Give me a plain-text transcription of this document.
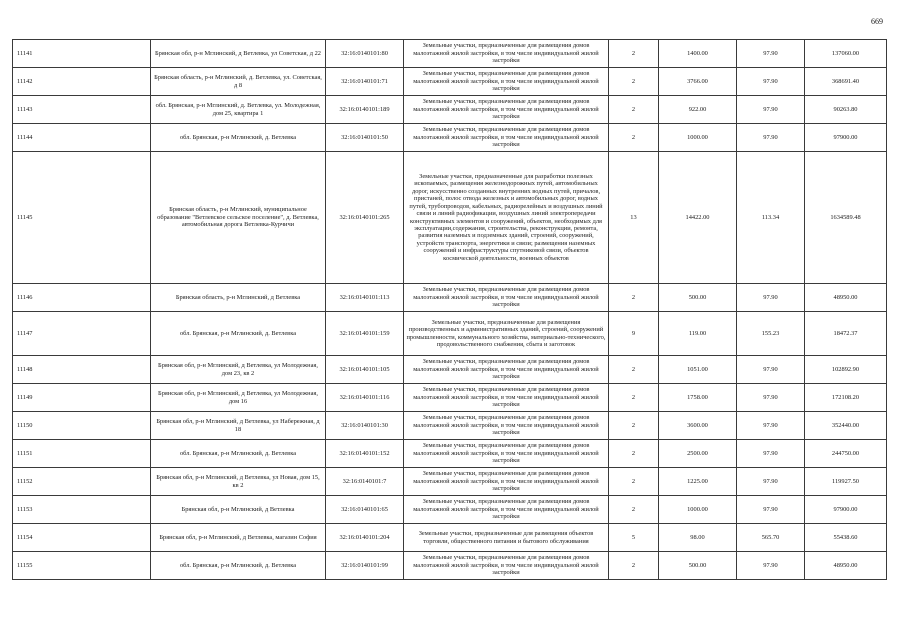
669
11141	Брянская обл, р-н Мглинский, д Ветлевка, ул Советская, д 22	32:16:0140101:80	Земельные участки, предназначенные для размещения домов малоэтажной жилой застройки, в том числе индивидуальной жилой застройки	2	1400.00	97.90	137060.00
11142	Брянская область, р-н Мглинский, д. Ветлевка, ул. Советская, д 8	32:16:0140101:71	Земельные участки, предназначенные для размещения домов малоэтажной жилой застройки, в том числе индивидуальной жилой застройки	2	3766.00	97.90	368691.40
11143	обл. Брянская, р-н Мглинский, д. Ветлевка, ул. Молодежная, дом 25, квартира 1	32:16:0140101:189	Земельные участки, предназначенные для размещения домов малоэтажной жилой застройки, в том числе индивидуальной жилой застройки	2	922.00	97.90	90263.80
11144	обл. Брянская, р-н Мглинский, д. Ветлевка	32:16:0140101:50	Земельные участки, предназначенные для размещения домов малоэтажной жилой застройки, в том числе индивидуальной жилой застройки	2	1000.00	97.90	97900.00
11145	Брянская область, р-н Мглинский, муниципальное образование "Ветлевское сельское поселение", д. Ветлевка, автомобильная дорога Ветлевка-Курчичи	32:16:0140101:265	Земельные участки, предназначенные для разработки полезных ископаемых, размещения железнодорожных путей, автомобильных дорог, искусственно созданных внутренних водных путей, причалов, пристаней, полос отвода железных и автомобильных дорог, водных путей, трубопроводов, кабельных, радиорелейных и воздушных линий связи и линий радиофикации, воздушных линий электропередачи конструктивных элементов и сооружений, объектов, необходимых для эксплуатации,содержания, строительства, реконструкции, ремонта, развития наземных и подземных зданий, строений, сооружений, устройств транспорта, энергетики и связи; размещения наземных сооружений и инфраструктуры спутниковой связи, объектов космической деятельности, военных объектов	13	14422.00	113.34	1634589.48
11146	Брянская область, р-н Мглинский, д Ветлевка	32:16:0140101:113	Земельные участки, предназначенные для размещения домов малоэтажной жилой застройки, в том числе индивидуальной жилой застройки	2	500.00	97.90	48950.00
11147	обл. Брянская, р-н Мглинский, д. Ветлевка	32:16:0140101:159	Земельные участки, предназначенные для размещения производственных и административных зданий, строений, сооружений промышленности, коммунального хозяйства, материально-технического, продовольственного снабжения, сбыта и заготовок	9	119.00	155.23	18472.37
11148	Брянская обл, р-н Мглинский, д Ветлевка, ул Молодежная, дом 23, кв 2	32:16:0140101:105	Земельные участки, предназначенные для размещения домов малоэтажной жилой застройки, в том числе индивидуальной жилой застройки	2	1051.00	97.90	102892.90
11149	Брянская обл, р-н Мглинский, д Ветлевка, ул Молодежная, дом 16	32:16:0140101:116	Земельные участки, предназначенные для размещения домов малоэтажной жилой застройки, в том числе индивидуальной жилой застройки	2	1758.00	97.90	172108.20
11150	Брянская обл, р-н Мглинский, д Ветлевка, ул Набережная, д 18	32:16:0140101:30	Земельные участки, предназначенные для размещения домов малоэтажной жилой застройки, в том числе индивидуальной жилой застройки	2	3600.00	97.90	352440.00
11151	обл. Брянская, р-н Мглинский, д. Ветлевка	32:16:0140101:152	Земельные участки, предназначенные для размещения домов малоэтажной жилой застройки, в том числе индивидуальной жилой застройки	2	2500.00	97.90	244750.00
11152	Брянская обл, р-н Мглинский, д Ветлевка, ул Новая, дом 15, кв 2	32:16:0140101:7	Земельные участки, предназначенные для размещения домов малоэтажной жилой застройки, в том числе индивидуальной жилой застройки	2	1225.00	97.90	119927.50
11153	Брянская обл, р-н Мглинский, д Ветлевка	32:16:0140101:65	Земельные участки, предназначенные для размещения домов малоэтажной жилой застройки, в том числе индивидуальной жилой застройки	2	1000.00	97.90	97900.00
11154	Брянская обл, р-н Мглинский, д Ветлевка, магазин София	32:16:0140101:204	Земельные участки, предназначенные для размещения объектов торговли, общественного питания и бытового обслуживания	5	98.00	565.70	55438.60
11155	обл. Брянская, р-н Мглинский, д. Ветлевка	32:16:0140101:99	Земельные участки, предназначенные для размещения домов малоэтажной жилой застройки, в том числе индивидуальной жилой застройки	2	500.00	97.90	48950.00
